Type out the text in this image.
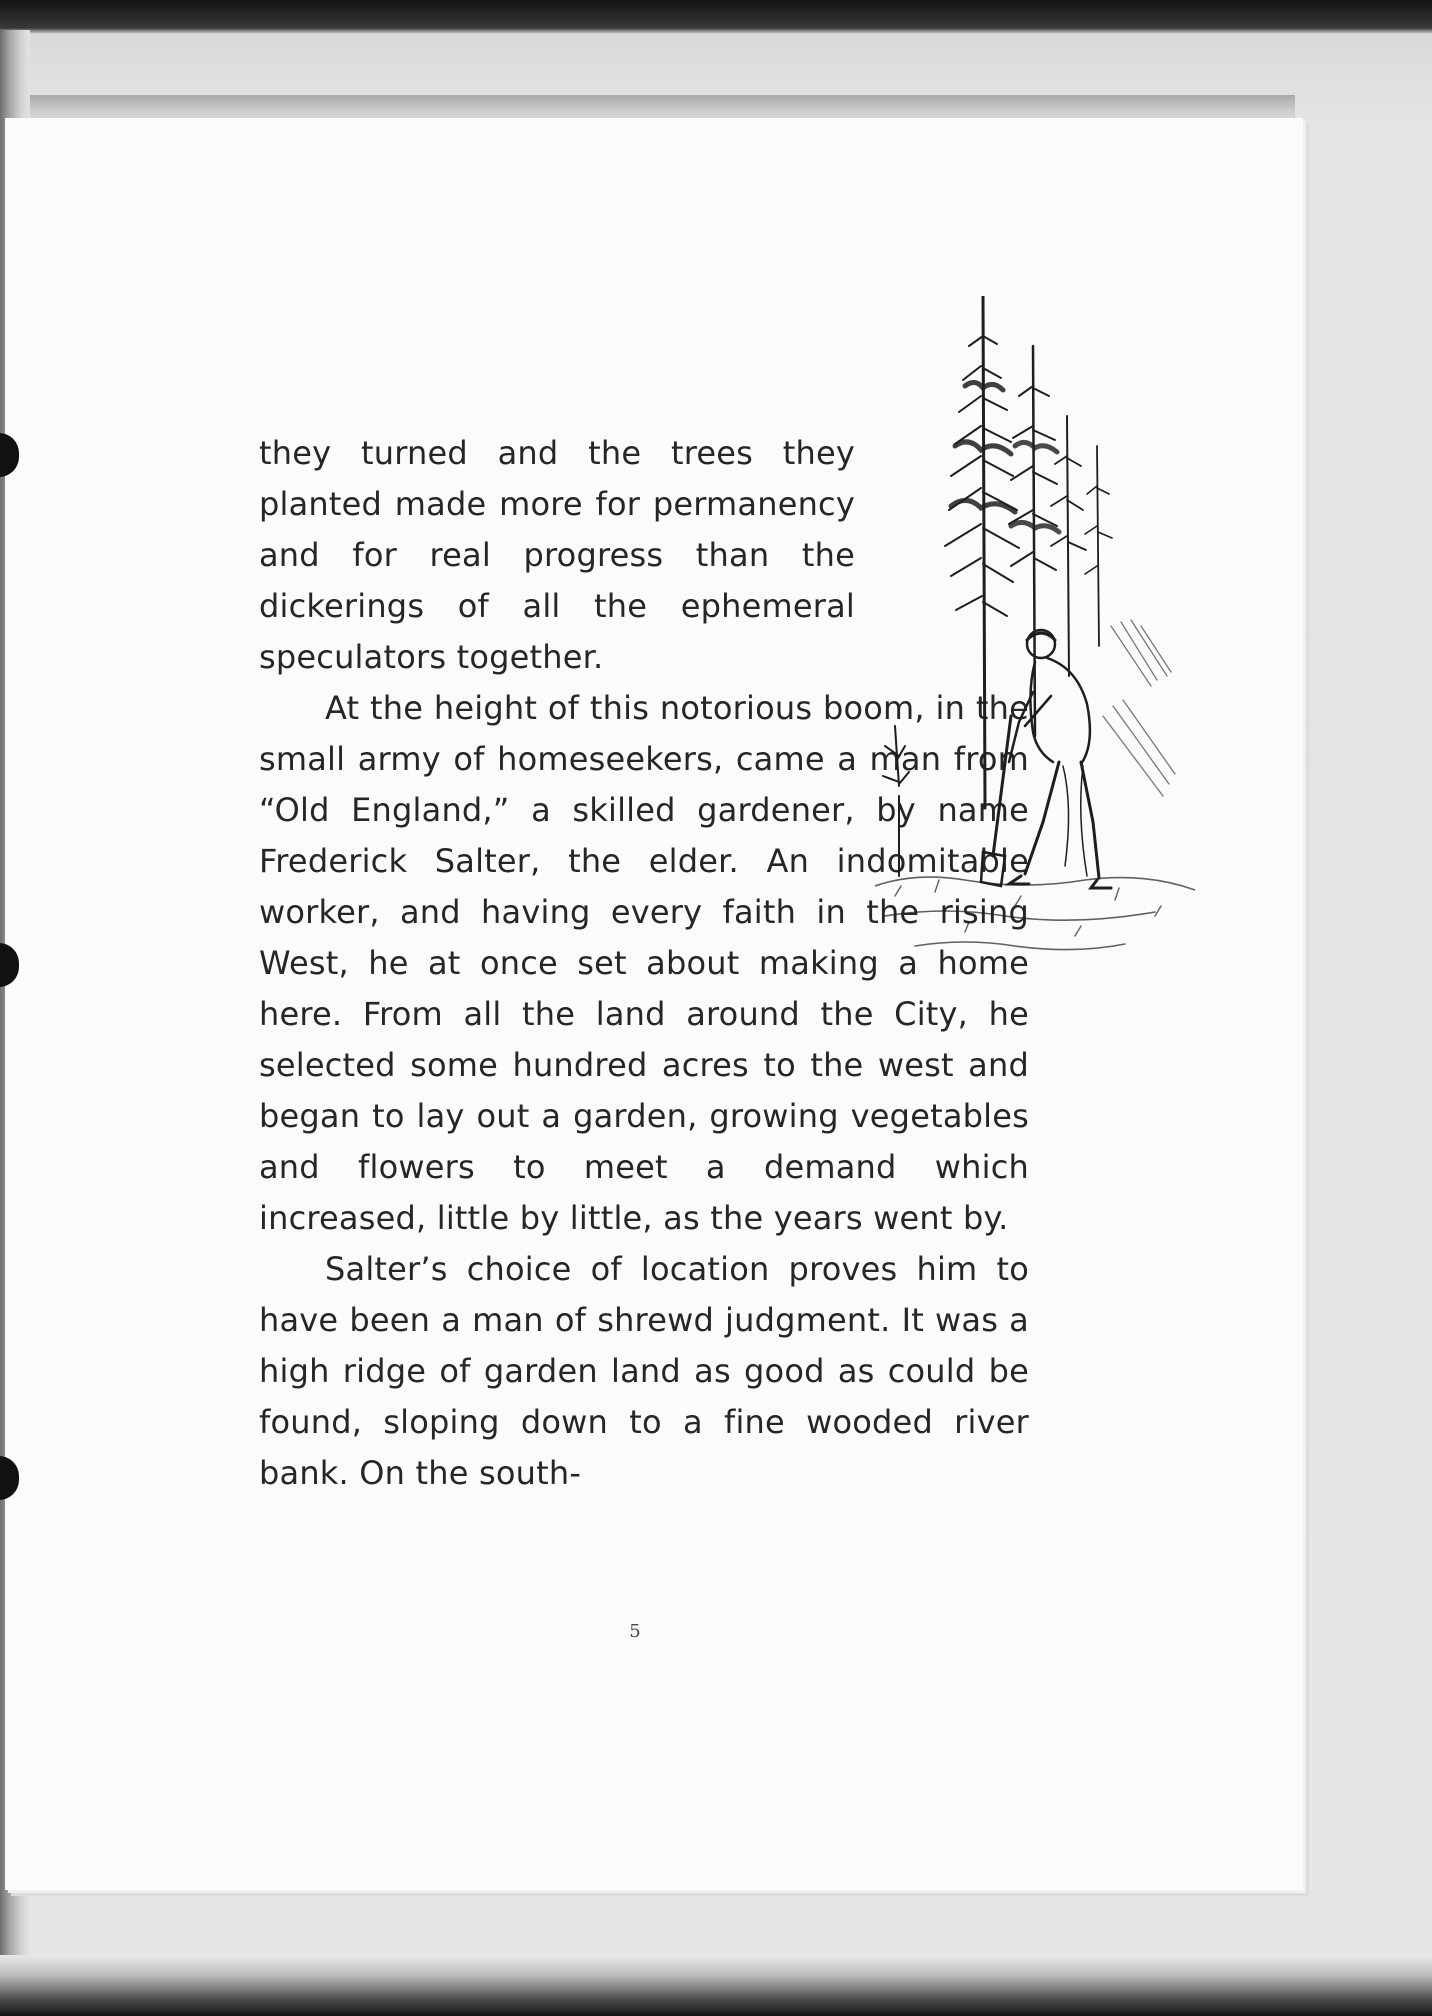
they turned and the trees they planted made more for permanency and for real progress than the dickerings of all the ephemeral speculators together.

At the height of this notorious boom, in the small army of homeseekers, came a man from “Old England,” a skilled gardener, by name Frederick Salter, the elder. An indomitable worker, and having every faith in the rising West, he at once set about making a home here. From all the land around the City, he selected some hundred acres to the west and began to lay out a garden, growing vegetables and flowers to meet a demand which increased, little by little, as the years went by.

Salter’s choice of location proves him to have been a man of shrewd judgment. It was a high ridge of garden land as good as could be found, sloping down to a fine wooded river bank. On the south-

5
